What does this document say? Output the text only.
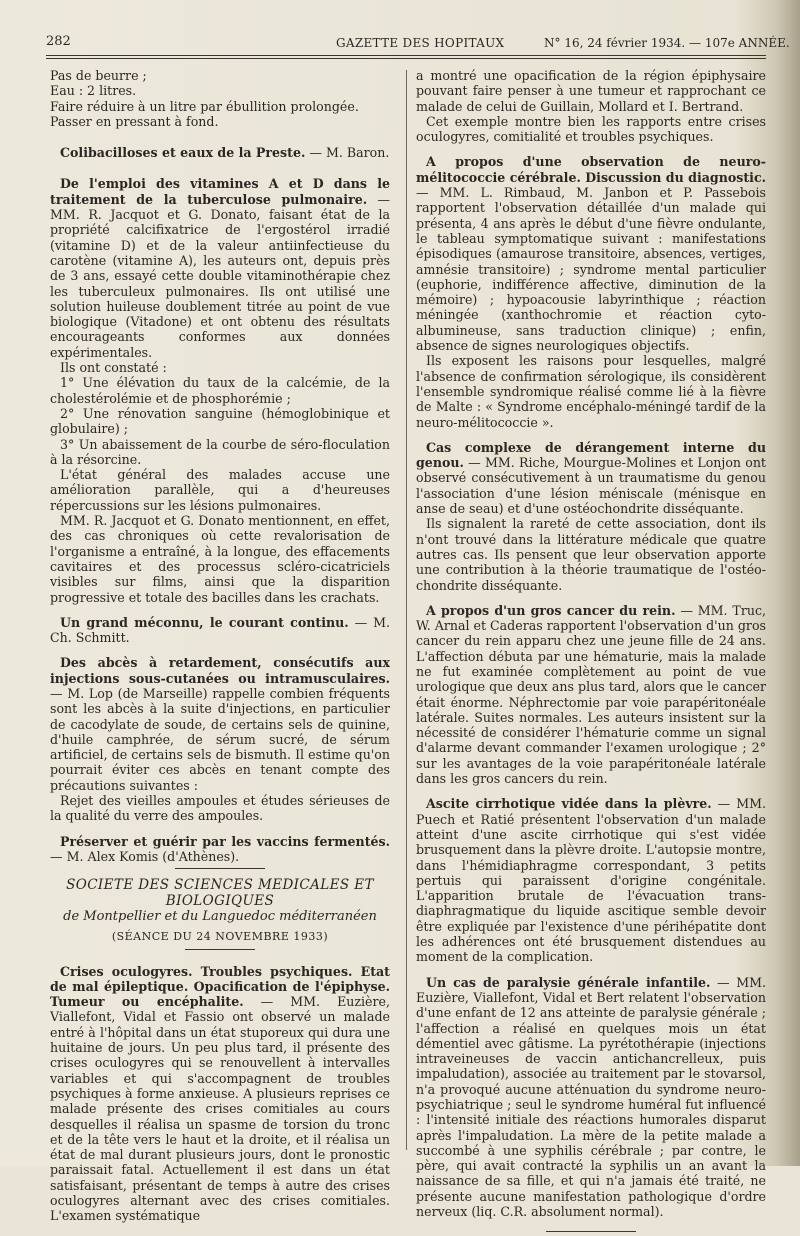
282	GAZETTE DES HOPITAUX	N° 16, 24 février 1934. — 107e ANNÉE.

Pas de beurre ;

Eau : 2 litres.

Faire réduire à un litre par ébullition prolongée.

Passer en pressant à fond.

Colibacilloses et eaux de la Preste. — M. Baron.

De l'emploi des vitamines A et D dans le traitement de la tuberculose pulmonaire. — MM. R. Jacquot et G. Donato, faisant état de la propriété calcifixatrice de l'ergostérol irradié (vitamine D) et de la valeur antiinfectieuse du carotène (vitamine A), les auteurs ont, depuis près de 3 ans, essayé cette double vitaminothérapie chez les tuberculeux pulmonaires. Ils ont utilisé une solution huileuse doublement titrée au point de vue biologique (Vitadone) et ont obtenu des résultats encourageants conformes aux données expérimentales.

Ils ont constaté :

1° Une élévation du taux de la calcémie, de la cholestérolémie et de phosphorémie ;

2° Une rénovation sanguine (hémoglobinique et globulaire) ;

3° Un abaissement de la courbe de séro-floculation à la résorcine.

L'état général des malades accuse une amélioration parallèle, qui a d'heureuses répercussions sur les lésions pulmonaires.

MM. R. Jacquot et G. Donato mentionnent, en effet, des cas chroniques où cette revalorisation de l'organisme a entraîné, à la longue, des effacements cavitaires et des processus scléro-cicatriciels visibles sur films, ainsi que la disparition progressive et totale des bacilles dans les crachats.

Un grand méconnu, le courant continu. — M. Ch. Schmitt.

Des abcès à retardement, consécutifs aux injections sous-cutanées ou intramusculaires. — M. Lop (de Marseille) rappelle combien fréquents sont les abcès à la suite d'injections, en particulier de cacodylate de soude, de certains sels de quinine, d'huile camphrée, de sérum sucré, de sérum artificiel, de certains sels de bismuth. Il estime qu'on pourrait éviter ces abcès en tenant compte des précautions suivantes :

Rejet des vieilles ampoules et études sérieuses de la qualité du verre des ampoules.

Préserver et guérir par les vaccins fermentés. — M. Alex Komis (d'Athènes).

SOCIETE DES SCIENCES MEDICALES ET BIOLOGIQUES
de Montpellier et du Languedoc méditerranéen
(SÉANCE DU 24 NOVEMBRE 1933)

Crises oculogyres. Troubles psychiques. Etat de mal épileptique. Opacification de l'épiphyse. Tumeur ou encéphalite. — MM. Euzière, Viallefont, Vidal et Fassio ont observé un malade entré à l'hôpital dans un état stuporeux qui dura une huitaine de jours. Un peu plus tard, il présente des crises oculogyres qui se renouvellent à intervalles variables et qui s'accompagnent de troubles psychiques à forme anxieuse. A plusieurs reprises ce malade présente des crises comitiales au cours desquelles il réalisa un spasme de torsion du tronc et de la tête vers le haut et la droite, et il réalisa un état de mal durant plusieurs jours, dont le pronostic paraissait fatal. Actuellement il est dans un état satisfaisant, présentant de temps à autre des crises oculogyres alternant avec des crises comitiales. L'examen systématique

a montré une opacification de la région épiphysaire pouvant faire penser à une tumeur et rapprochant ce malade de celui de Guillain, Mollard et I. Bertrand.

Cet exemple montre bien les rapports entre crises oculogyres, comitialité et troubles psychiques.

A propos d'une observation de neuro-mélitococcie cérébrale. Discussion du diagnostic. — MM. L. Rimbaud, M. Janbon et P. Passebois rapportent l'observation détaillée d'un malade qui présenta, 4 ans après le début d'une fièvre ondulante, le tableau symptomatique suivant : manifestations épisodiques (amaurose transitoire, absences, vertiges, amnésie transitoire) ; syndrome mental particulier (euphorie, indifférence affective, diminution de la mémoire) ; hypoacousie labyrinthique ; réaction méningée (xanthochromie et réaction cyto-albumineuse, sans traduction clinique) ; enfin, absence de signes neurologiques objectifs.

Ils exposent les raisons pour lesquelles, malgré l'absence de confirmation sérologique, ils considèrent l'ensemble syndromique réalisé comme lié à la fièvre de Malte : « Syndrome encéphalo-méningé tardif de la neuro-mélitococcie ».

Cas complexe de dérangement interne du genou. — MM. Riche, Mourgue-Molines et Lonjon ont observé consécutivement à un traumatisme du genou l'association d'une lésion méniscale (ménisque en anse de seau) et d'une ostéochondrite disséquante.

Ils signalent la rareté de cette association, dont ils n'ont trouvé dans la littérature médicale que quatre autres cas. Ils pensent que leur observation apporte une contribution à la théorie traumatique de l'ostéo-chondrite disséquante.

A propos d'un gros cancer du rein. — MM. Truc, W. Arnal et Caderas rapportent l'observation d'un gros cancer du rein apparu chez une jeune fille de 24 ans. L'affection débuta par une hématurie, mais la malade ne fut examinée complètement au point de vue urologique que deux ans plus tard, alors que le cancer était énorme. Néphrectomie par voie parapéritonéale latérale. Suites normales. Les auteurs insistent sur la nécessité de considérer l'hématurie comme un signal d'alarme devant commander l'examen urologique ; 2° sur les avantages de la voie parapéritonéale latérale dans les gros cancers du rein.

Ascite cirrhotique vidée dans la plèvre. — MM. Puech et Ratié présentent l'observation d'un malade atteint d'une ascite cirrhotique qui s'est vidée brusquement dans la plèvre droite. L'autopsie montre, dans l'hémidiaphragme correspondant, 3 petits pertuis qui paraissent d'origine congénitale. L'apparition brutale de l'évacuation trans-diaphragmatique du liquide ascitique semble devoir être expliquée par l'existence d'une périhépatite dont les adhérences ont été brusquement distendues au moment de la complication.

Un cas de paralysie générale infantile. — MM. Euzière, Viallefont, Vidal et Bert relatent l'observation d'une enfant de 12 ans atteinte de paralysie générale ; l'affection a réalisé en quelques mois un état démentiel avec gâtisme. La pyrétothérapie (injections intraveineuses de vaccin antichancrelleux, puis impaludation), associée au traitement par le stovarsol, n'a provoqué aucune atténuation du syndrome neuro-psychiatrique ; seul le syndrome huméral fut influencé : l'intensité initiale des réactions humorales disparut après l'impaludation. La mère de la petite malade a succombé à une syphilis cérébrale ; par contre, le père, qui avait contracté la syphilis un an avant la naissance de sa fille, et qui n'a jamais été traité, ne présente aucune manifestation pathologique d'ordre nerveux (liq. C.R. absolument normal).
